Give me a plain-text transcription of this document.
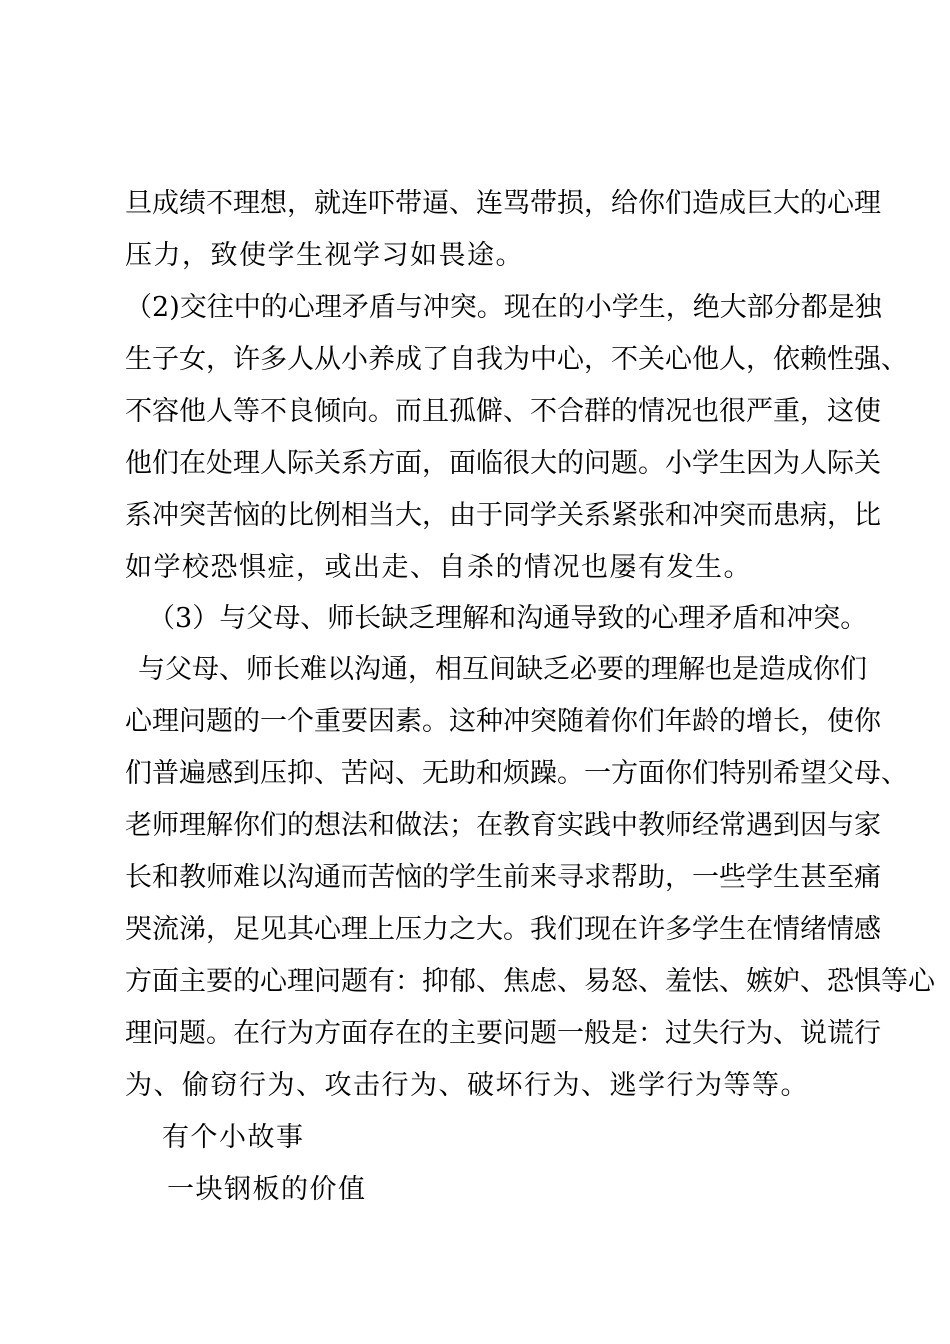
旦 成 绩 不 理 想 ， 就 连 吓 带 逼 、 连 骂 带 损 ， 给 你 们 造 成 巨 大 的 心 理
压力，致使学生视学习如畏途。
（ 2 ) 交 往 中 的 心 理 矛 盾 与 冲 突 。 现 在 的 小 学 生 ， 绝 大 部 分 都 是 独
生 子 女 ， 许 多 人 从 小 养 成 了 自 我 为 中 心 ， 不 关 心 他 人 ， 依 赖 性 强 、
不 容 他 人 等 不 良 倾 向 。 而 且 孤 僻 、 不 合 群 的 情 况 也 很 严 重 ， 这 使
他 们 在 处 理 人 际 关 系 方 面 ， 面 临 很 大 的 问 题 。 小 学 生 因 为 人 际 关
系 冲 突 苦 恼 的 比 例 相 当 大 ， 由 于 同 学 关 系 紧 张 和 冲 突 而 患 病 ， 比
如学校恐惧症，或出走、自杀的情况也屡有发生。
（ 3 ） 与 父 母 、 师 长 缺 乏 理 解 和 沟 通 导 致 的 心 理 矛 盾 和 冲 突 。
与 父 母 、 师 长 难 以 沟 通 ， 相 互 间 缺 乏 必 要 的 理 解 也 是 造 成 你 们
心 理 问 题 的 一 个 重 要 因 素 。 这 种 冲 突 随 着 你 们 年 龄 的 增 长 ， 使 你
们 普 遍 感 到 压 抑 、 苦 闷 、 无 助 和 烦 躁 。 一 方 面 你 们 特 别 希 望 父 母 、
老 师 理 解 你 们 的 想 法 和 做 法 ； 在 教 育 实 践 中 教 师 经 常 遇 到 因 与 家
长 和 教 师 难 以 沟 通 而 苦 恼 的 学 生 前 来 寻 求 帮 助 ， 一 些 学 生 甚 至 痛
哭 流 涕 ， 足 见 其 心 理 上 压 力 之 大 。 我 们 现 在 许 多 学 生 在 情 绪 情 感
方 面 主 要 的 心 理 问 题 有 ： 抑 郁 、 焦 虑 、 易 怒 、 羞 怯 、 嫉 妒 、 恐 惧 等 心
理 问 题 。 在 行 为 方 面 存 在 的 主 要 问 题 一 般 是 ： 过 失 行 为 、 说 谎 行
为、偷窃行为、攻击行为、破坏行为、逃学行为等等。
有个小故事
一块钢板的价值
